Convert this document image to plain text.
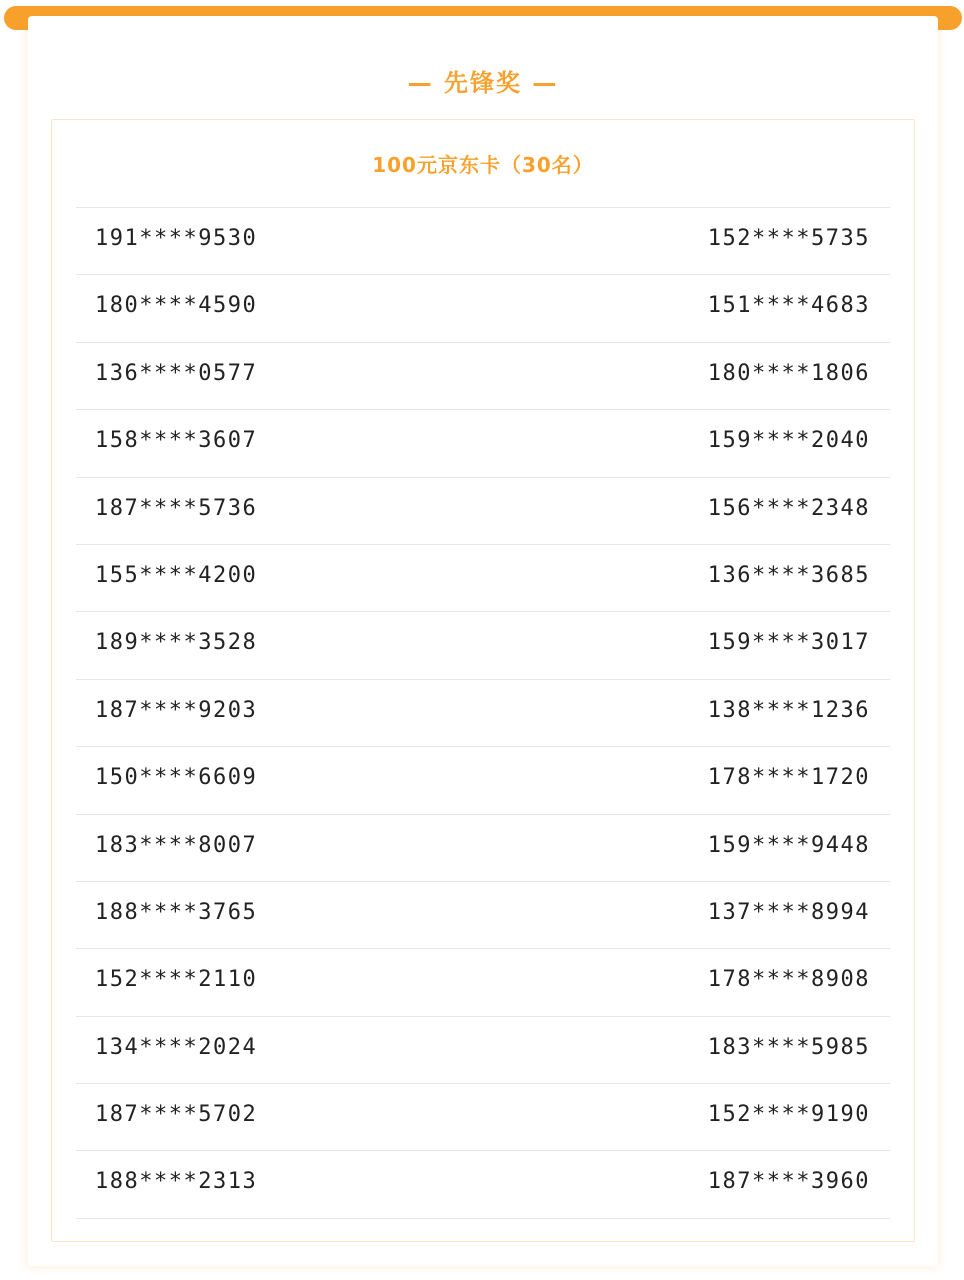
— 先锋奖 —
100元京东卡（30名）
191****9530	152****5735
180****4590	151****4683
136****0577	180****1806
158****3607	159****2040
187****5736	156****2348
155****4200	136****3685
189****3528	159****3017
187****9203	138****1236
150****6609	178****1720
183****8007	159****9448
188****3765	137****8994
152****2110	178****8908
134****2024	183****5985
187****5702	152****9190
188****2313	187****3960
